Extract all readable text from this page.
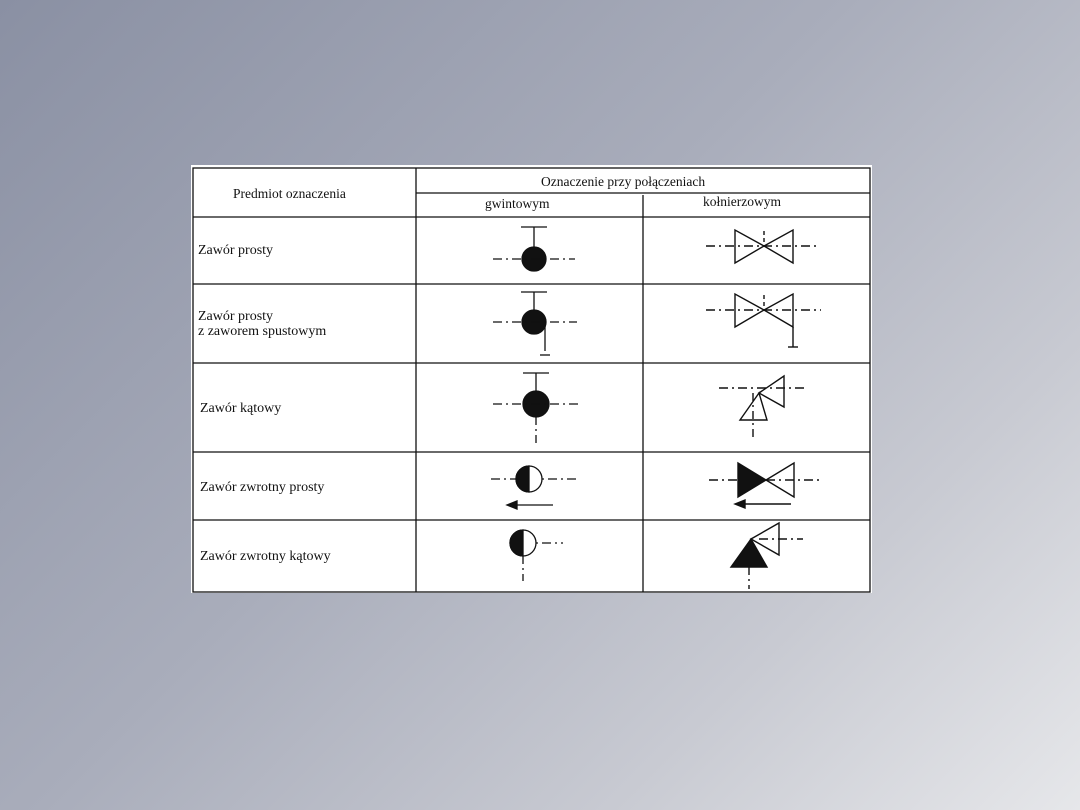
Predmiot oznaczenia
Oznaczenie przy połączeniach
gwintowym	kołnierzowym
Zawór prosty
Zawór prosty
z zaworem spustowym
Zawór kątowy
Zawór zwrotny prosty
Zawór zwrotny kątowy
